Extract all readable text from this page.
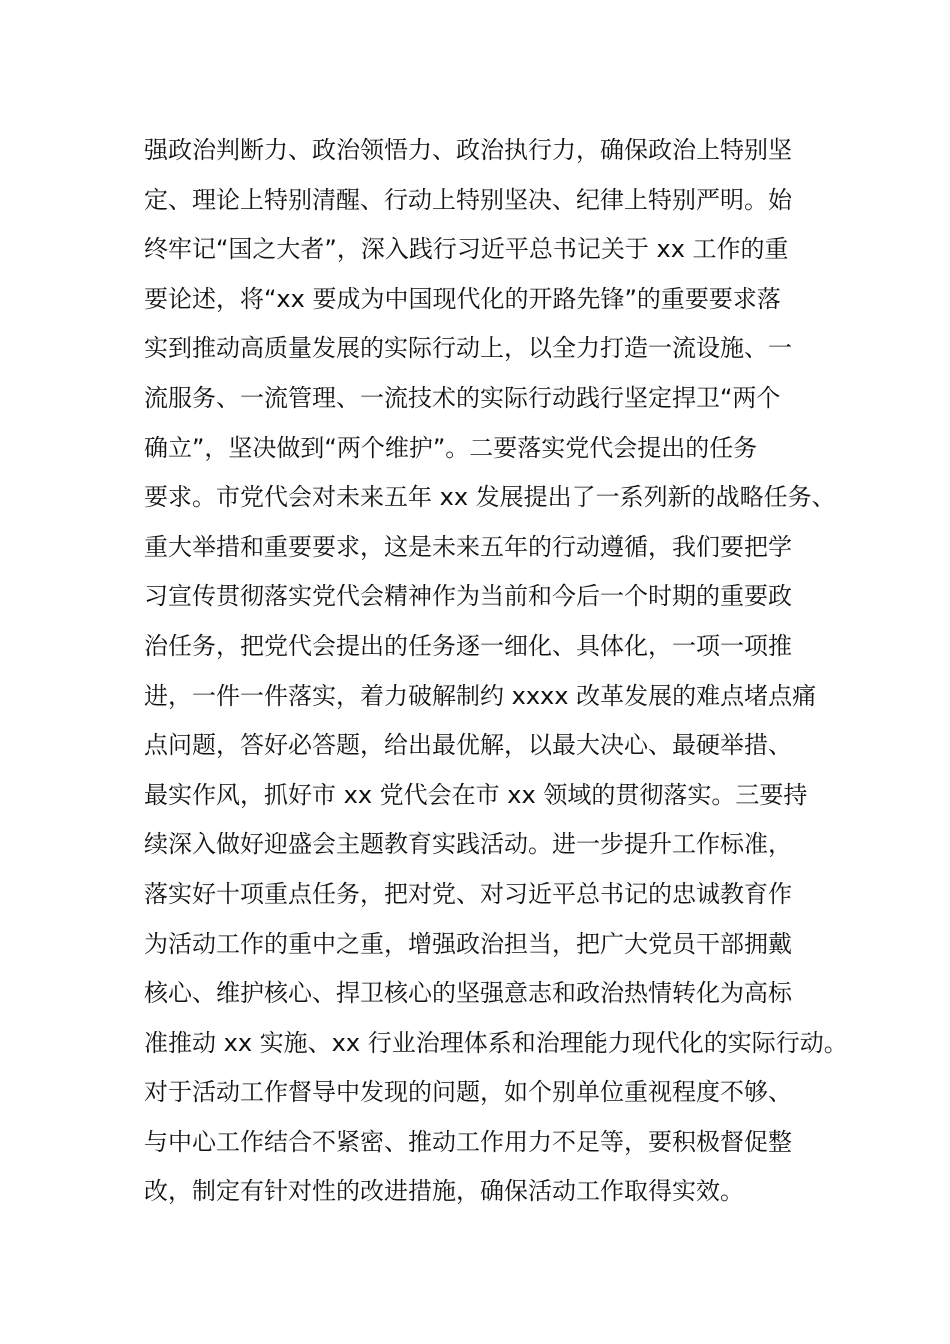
强政治判断力、政治领悟力、政治执行力，确保政治上特别坚
定、理论上特别清醒、行动上特别坚决、纪律上特别严明。始
终牢记“国之大者”，深入践行习近平总书记关于 xx 工作的重
要论述，将“xx 要成为中国现代化的开路先锋”的重要要求落
实到推动高质量发展的实际行动上，以全力打造一流设施、一
流服务、一流管理、一流技术的实际行动践行坚定捍卫“两个
确立”，坚决做到“两个维护”。二要落实党代会提出的任务
要求。市党代会对未来五年 xx 发展提出了一系列新的战略任务、
重大举措和重要要求，这是未来五年的行动遵循，我们要把学
习宣传贯彻落实党代会精神作为当前和今后一个时期的重要政
治任务，把党代会提出的任务逐一细化、具体化，一项一项推
进，一件一件落实，着力破解制约 xxxx 改革发展的难点堵点痛
点问题，答好必答题，给出最优解，以最大决心、最硬举措、
最实作风，抓好市 xx 党代会在市 xx 领域的贯彻落实。三要持
续深入做好迎盛会主题教育实践活动。进一步提升工作标准，
落实好十项重点任务，把对党、对习近平总书记的忠诚教育作
为活动工作的重中之重，增强政治担当，把广大党员干部拥戴
核心、维护核心、捍卫核心的坚强意志和政治热情转化为高标
准推动 xx 实施、xx 行业治理体系和治理能力现代化的实际行动。
对于活动工作督导中发现的问题，如个别单位重视程度不够、
与中心工作结合不紧密、推动工作用力不足等，要积极督促整
改，制定有针对性的改进措施，确保活动工作取得实效。
